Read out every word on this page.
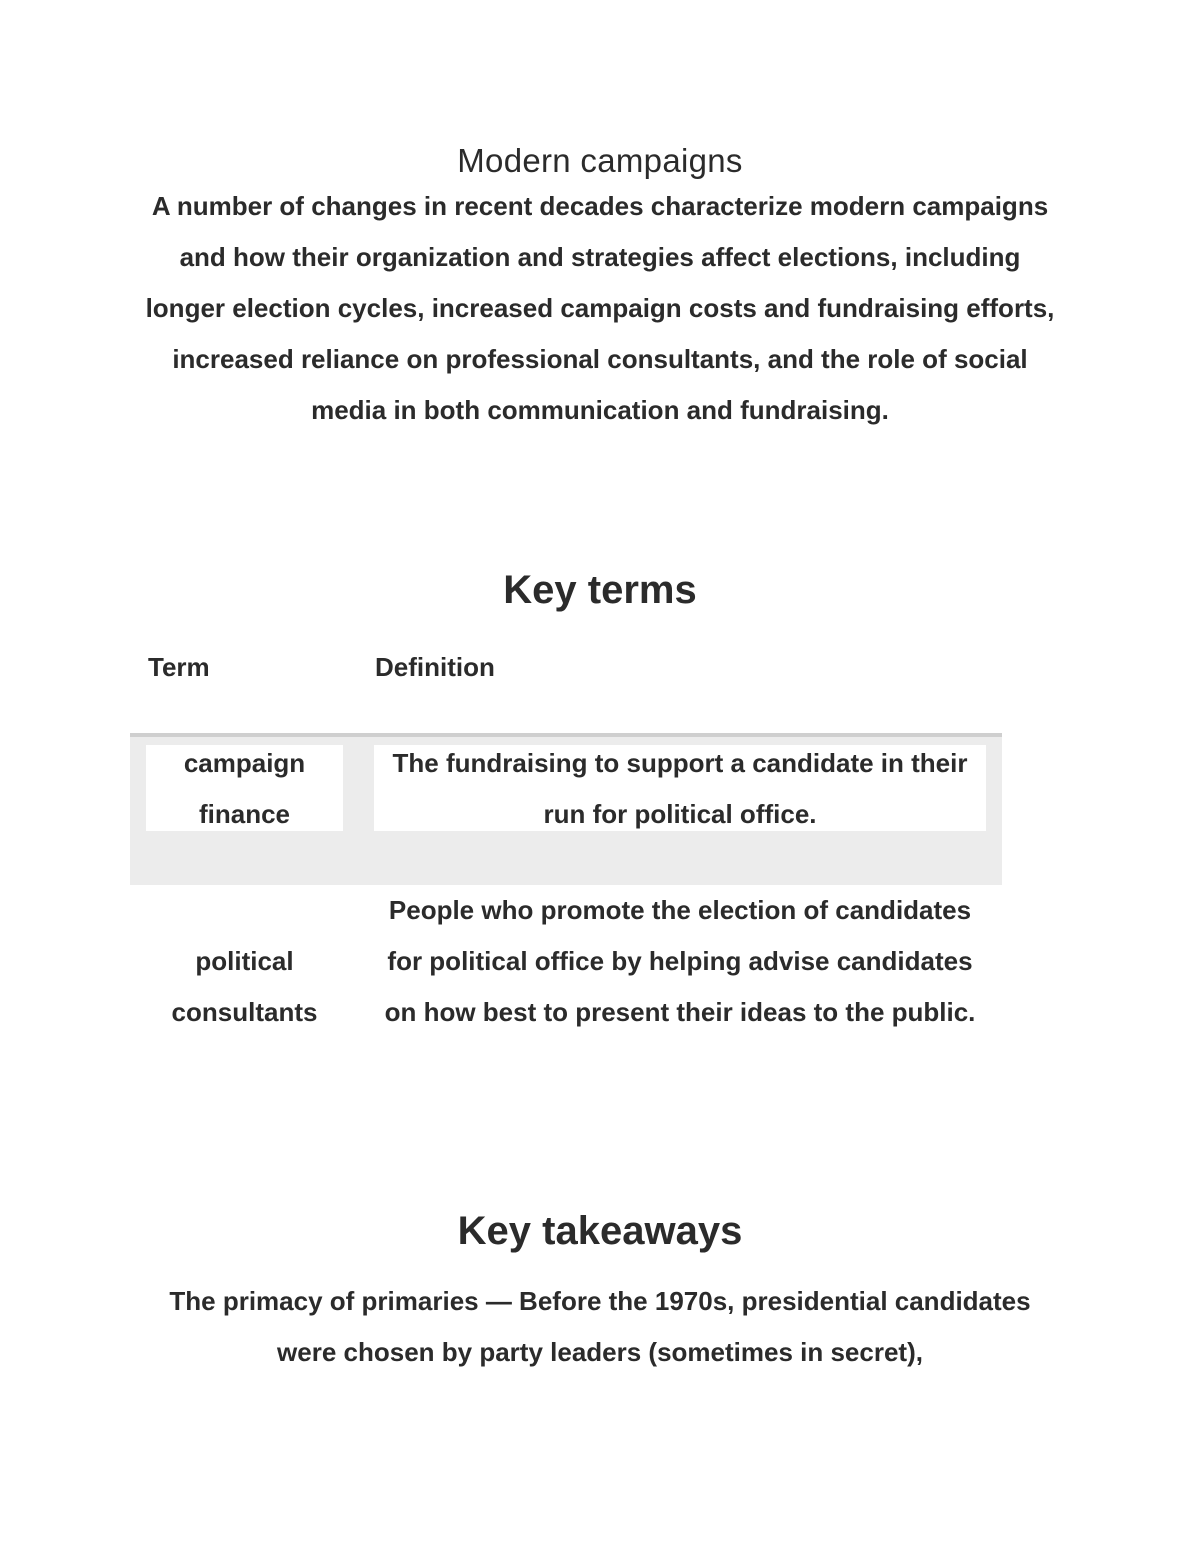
Modern campaigns

A number of changes in recent decades characterize modern campaigns and how their organization and strategies affect elections, including longer election cycles, increased campaign costs and fundraising efforts, increased reliance on professional consultants, and the role of social media in both communication and fundraising.

Key terms
Term	Definition
campaign finance
The fundraising to support a candidate in their run for political office.
political consultants
People who promote the election of candidates for political office by helping advise candidates on how best to present their ideas to the public.
Key takeaways

The primacy of primaries — Before the 1970s, presidential candidates were chosen by party leaders (sometimes in secret),
